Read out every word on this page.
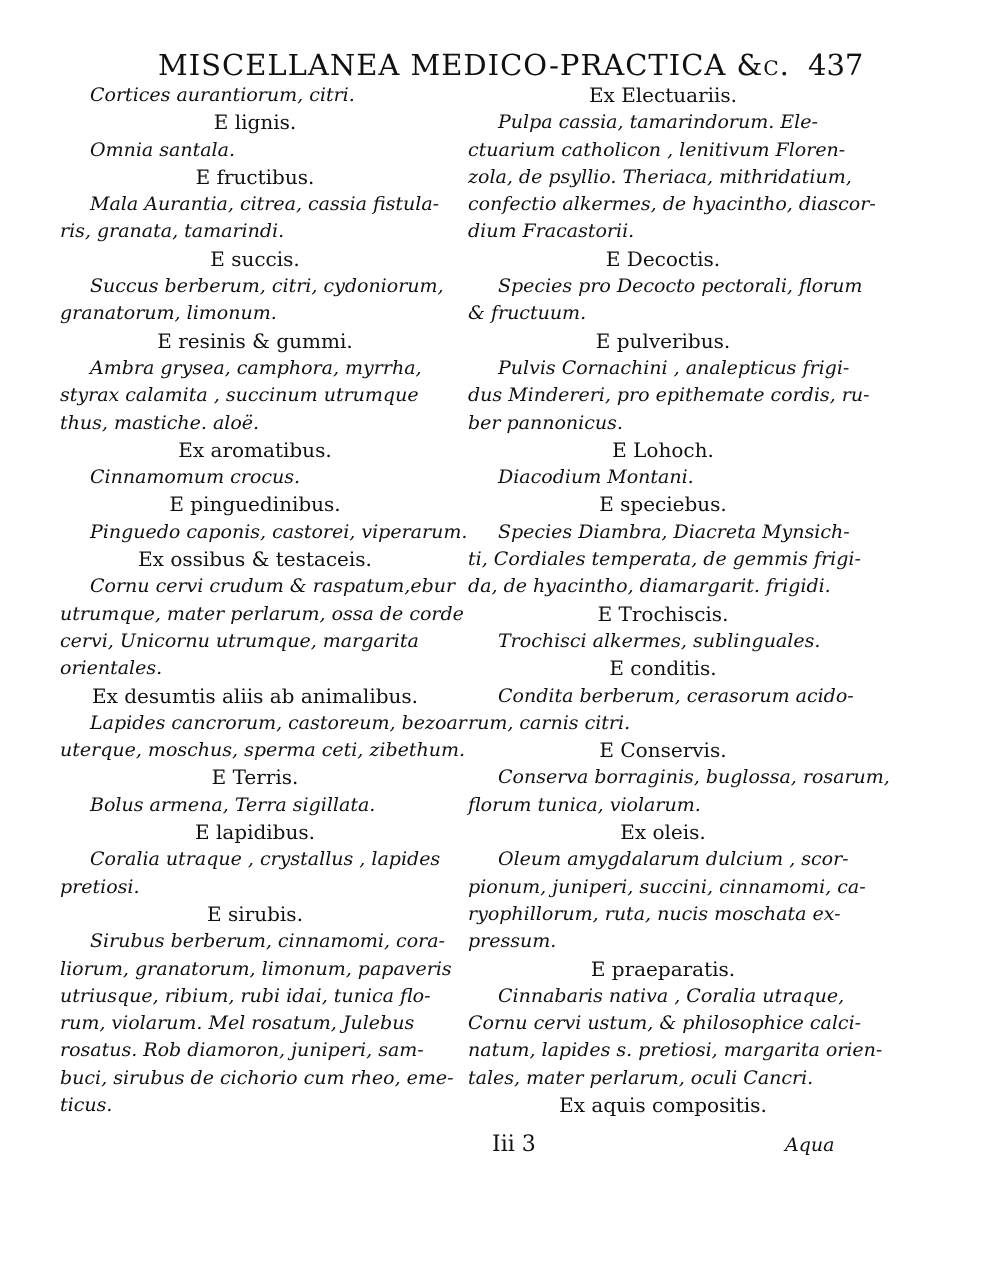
MISCELLANEA MEDICO-PRACTICA &c. 437
Cortices aurantiorum, citri.
E lignis.
Omnia santala.
E fructibus.
Mala Aurantia, citrea, cassia fistula-
ris, granata, tamarindi.
E succis.
Succus berberum, citri, cydoniorum,
granatorum, limonum.
E resinis & gummi.
Ambra grysea, camphora, myrrha,
styrax calamita , succinum utrumque
thus, mastiche. aloë.
Ex aromatibus.
Cinnamomum crocus.
E pinguedinibus.
Pinguedo caponis, castorei, viperarum.
Ex ossibus & testaceis.
Cornu cervi crudum & raspatum,ebur
utrumque, mater perlarum, ossa de corde
cervi, Unicornu utrumque, margarita
orientales.
Ex desumtis aliis ab animalibus.
Lapides cancrorum, castoreum, bezoar
uterque, moschus, sperma ceti, zibethum.
E Terris.
Bolus armena, Terra sigillata.
E lapidibus.
Coralia utraque , crystallus , lapides
pretiosi.
E sirubis.
Sirubus berberum, cinnamomi, cora-
liorum, granatorum, limonum, papaveris
utriusque, ribium, rubi idai, tunica flo-
rum, violarum. Mel rosatum, Julebus
rosatus. Rob diamoron, juniperi, sam-
buci, sirubus de cichorio cum rheo, eme-
ticus.
Ex Electuariis.
Pulpa cassia, tamarindorum. Ele-
ctuarium catholicon , lenitivum Floren-
zola, de psyllio. Theriaca, mithridatium,
confectio alkermes, de hyacintho, diascor-
dium Fracastorii.
E Decoctis.
Species pro Decocto pectorali, florum
& fructuum.
E pulveribus.
Pulvis Cornachini , analepticus frigi-
dus Mindereri, pro epithemate cordis, ru-
ber pannonicus.
E Lohoch.
Diacodium Montani.
E speciebus.
Species Diambra, Diacreta Mynsich-
ti, Cordiales temperata, de gemmis frigi-
da, de hyacintho, diamargarit. frigidi.
E Trochiscis.
Trochisci alkermes, sublinguales.
E conditis.
Condita berberum, cerasorum acido-
rum, carnis citri.
E Conservis.
Conserva borraginis, buglossa, rosarum,
florum tunica, violarum.
Ex oleis.
Oleum amygdalarum dulcium , scor-
pionum, juniperi, succini, cinnamomi, ca-
ryophillorum, ruta, nucis moschata ex-
pressum.
E praeparatis.
Cinnabaris nativa , Coralia utraque,
Cornu cervi ustum, & philosophice calci-
natum, lapides s. pretiosi, margarita orien-
tales, mater perlarum, oculi Cancri.
Ex aquis compositis.
Iii 3	Aqua
